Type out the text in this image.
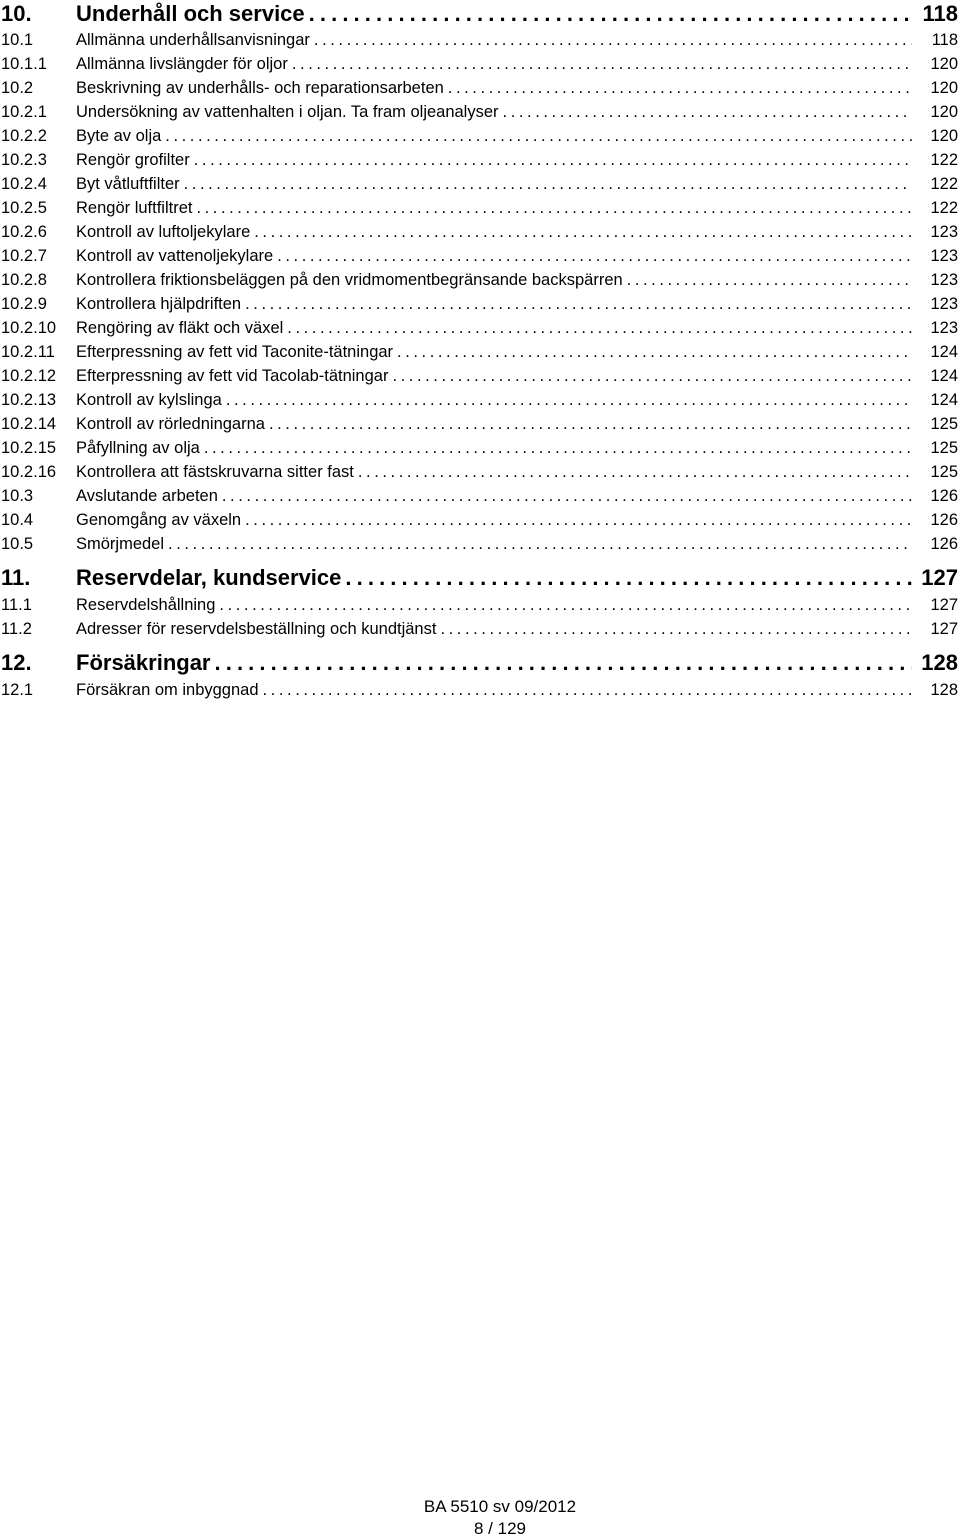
10.	Underhåll och service . . .	118
10.1	Allmänna underhållsanvisningar . . .	118
10.1.1	Allmänna livslängder för oljor . . .	120
10.2	Beskrivning av underhålls- och reparationsarbeten . . .	120
10.2.1	Undersökning av vattenhalten i oljan. Ta fram oljeanalyser . . .	120
10.2.2	Byte av olja . . .	120
10.2.3	Rengör grofilter . . .	122
10.2.4	Byt våtluftfilter . . .	122
10.2.5	Rengör luftfiltret . . .	122
10.2.6	Kontroll av luftoljekylare . . .	123
10.2.7	Kontroll av vattenoljekylare . . .	123
10.2.8	Kontrollera friktionsbeläggen på den vridmomentbegränsande backspärren . . .	123
10.2.9	Kontrollera hjälpdriften . . .	123
10.2.10	Rengöring av fläkt och växel . . .	123
10.2.11	Efterpressning av fett vid Taconite-tätningar . . .	124
10.2.12	Efterpressning av fett vid Tacolab-tätningar . . .	124
10.2.13	Kontroll av kylslinga . . .	124
10.2.14	Kontroll av rörledningarna . . .	125
10.2.15	Påfyllning av olja . . .	125
10.2.16	Kontrollera att fästskruvarna sitter fast . . .	125
10.3	Avslutande arbeten . . .	126
10.4	Genomgång av växeln . . .	126
10.5	Smörjmedel . . .	126
11.	Reservdelar, kundservice . . .	127
11.1	Reservdelshållning . . .	127
11.2	Adresser för reservdelsbeställning och kundtjänst . . .	127
12.	Försäkringar . . .	128
12.1	Försäkran om inbyggnad . . .	128
BA 5510 sv 09/2012
8 / 129
